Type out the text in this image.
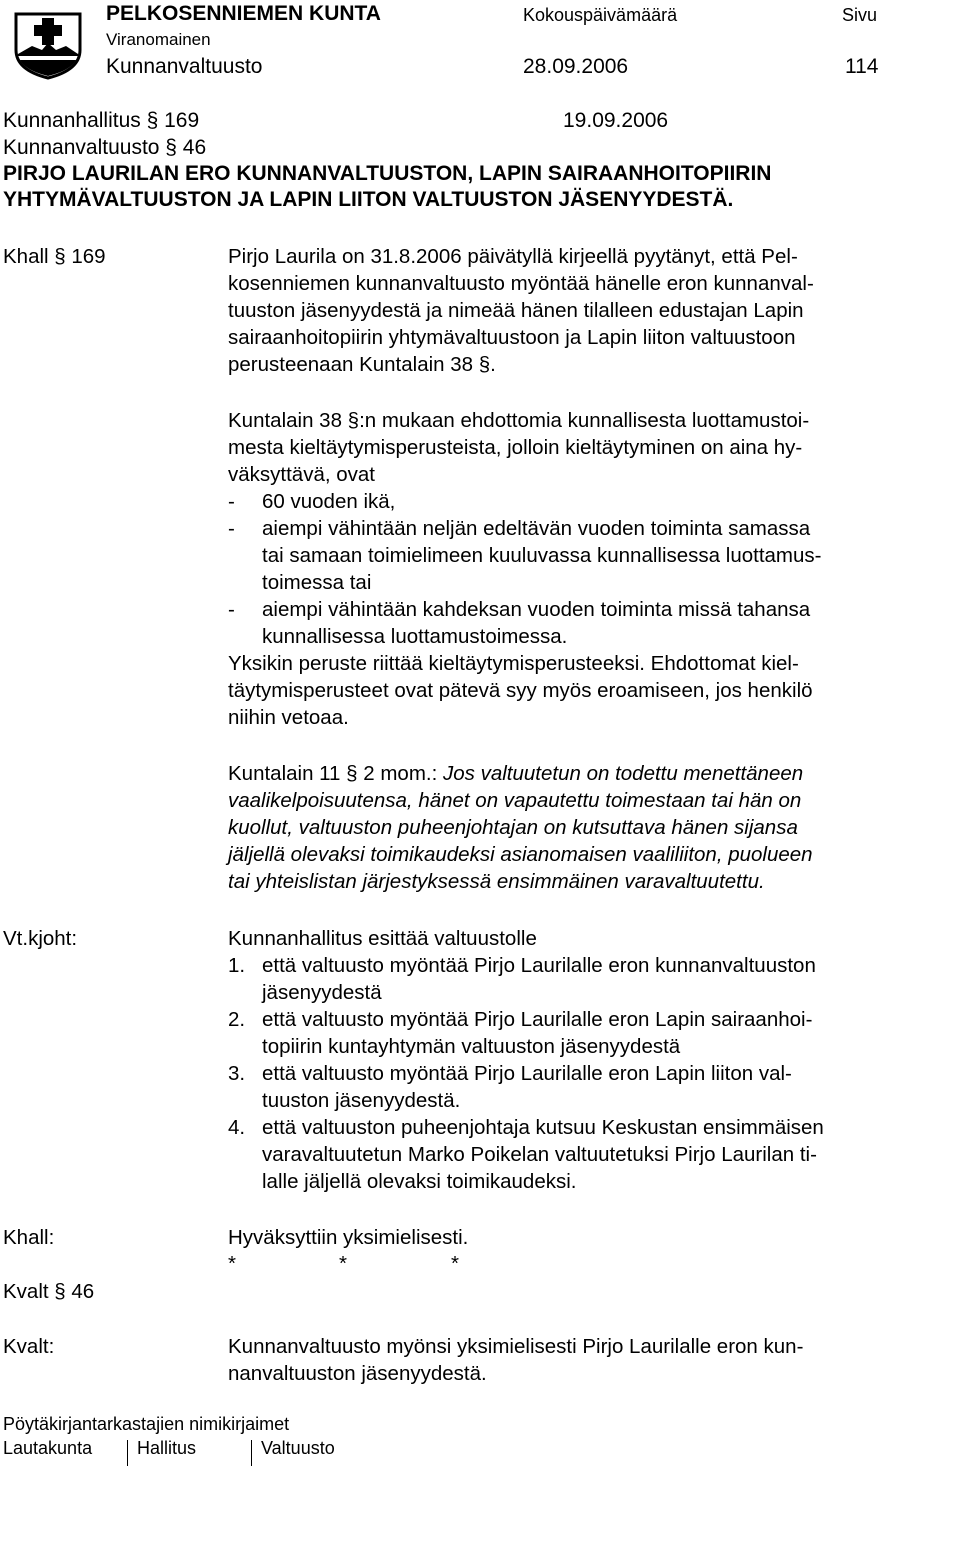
PELKOSENNIEMEN KUNTA
Viranomainen
Kokouspäivämäärä	Sivu
Kunnanvaltuusto	28.09.2006	114
Kunnanhallitus § 169	19.09.2006
Kunnanvaltuusto § 46
PIRJO LAURILAN ERO KUNNANVALTUUSTON, LAPIN SAIRAANHOITOPIIRIN
YHTYMÄVALTUUSTON JA LAPIN LIITON VALTUUSTON JÄSENYYDESTÄ.
Khall § 169	Pirjo Laurila on 31.8.2006 päivätyllä kirjeellä pyytänyt, että Pel-
kosenniemen kunnanvaltuusto myöntää hänelle eron kunnanval-
tuuston jäsenyydestä ja nimeää hänen tilalleen edustajan Lapin
sairaanhoitopiirin yhtymävaltuustoon ja Lapin liiton valtuustoon
perusteenaan Kuntalain 38 §.
Kuntalain 38 §:n mukaan ehdottomia kunnallisesta luottamustoi-
mesta kieltäytymisperusteista, jolloin kieltäytyminen on aina hy-
väksyttävä, ovat
- 60 vuoden ikä,
- aiempi vähintään neljän edeltävän vuoden toiminta samassa
tai samaan toimielimeen kuuluvassa kunnallisessa luottamus-
toimessa tai
- aiempi vähintään kahdeksan vuoden toiminta missä tahansa
kunnallisessa luottamustoimessa.
Yksikin peruste riittää kieltäytymisperusteeksi. Ehdottomat kiel-
täytymisperusteet ovat pätevä syy myös eroamiseen, jos henkilö
niihin vetoaa.
Kuntalain 11 § 2 mom.: Jos valtuutetun on todettu menettäneen
vaalikelpoisuutensa, hänet on vapautettu toimestaan tai hän on
kuollut, valtuuston puheenjohtajan on kutsuttava hänen sijansa
jäljellä olevaksi toimikaudeksi asianomaisen vaaliliiton, puolueen
tai yhteislistan järjestyksessä ensimmäinen varavaltuutettu.
Vt.kjoht:	Kunnanhallitus esittää valtuustolle
1. että valtuusto myöntää Pirjo Laurilalle eron kunnanvaltuuston
jäsenyydestä
2. että valtuusto myöntää Pirjo Laurilalle eron Lapin sairaanhoi-
topiirin kuntayhtymän valtuuston jäsenyydestä
3. että valtuusto myöntää Pirjo Laurilalle eron Lapin liiton val-
tuuston jäsenyydestä.
4. että valtuuston puheenjohtaja kutsuu Keskustan ensimmäisen
varavaltuutetun Marko Poikelan valtuutetuksi Pirjo Laurilan ti-
lalle jäljellä olevaksi toimikaudeksi.
Khall:	Hyväksyttiin yksimielisesti.
*	*	*
Kvalt § 46
Kvalt:	Kunnanvaltuusto myönsi yksimielisesti Pirjo Laurilalle eron kun-
nanvaltuuston jäsenyydestä.
Pöytäkirjantarkastajien nimikirjaimet
Lautakunta Hallitus	Valtuusto
